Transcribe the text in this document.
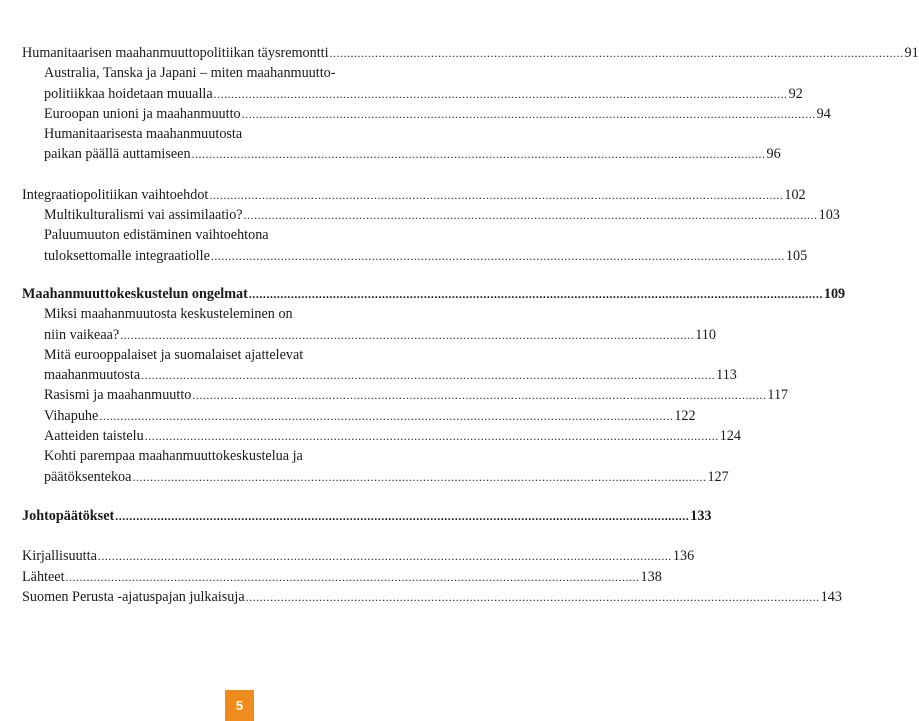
Humanitaarisen maahanmuuttopolitiikan täysremontti .................................................................................................................................................................... 91
Australia, Tanska ja Japani – miten maahanmuutto-
politiikkaa hoidetaan muualla .................................................................................................................................................................... 92
Euroopan unioni ja maahanmuutto .................................................................................................................................................................... 94
Humanitaarisesta maahanmuutosta
paikan päällä auttamiseen .................................................................................................................................................................... 96
Integraatiopolitiikan vaihtoehdot .................................................................................................................................................................... 102
Multikulturalismi vai assimilaatio? .................................................................................................................................................................... 103
Paluumuuton edistäminen vaihtoehtona
tuloksettomalle integraatiolle .................................................................................................................................................................... 105
Maahanmuuttokeskustelun ongelmat .................................................................................................................................................................... 109
Miksi maahanmuutosta keskusteleminen on
niin vaikeaa? .................................................................................................................................................................... 110
Mitä eurooppalaiset ja suomalaiset ajattelevat
maahanmuutosta .................................................................................................................................................................... 113
Rasismi ja maahanmuutto .................................................................................................................................................................... 117
Vihapuhe .................................................................................................................................................................... 122
Aatteiden taistelu .................................................................................................................................................................... 124
Kohti parempaa maahanmuuttokeskustelua ja
päätöksentekoa .................................................................................................................................................................... 127
Johtopäätökset .................................................................................................................................................................... 133
Kirjallisuutta .................................................................................................................................................................... 136
Lähteet .................................................................................................................................................................... 138
Suomen Perusta -ajatuspajan julkaisuja .................................................................................................................................................................... 143
5
